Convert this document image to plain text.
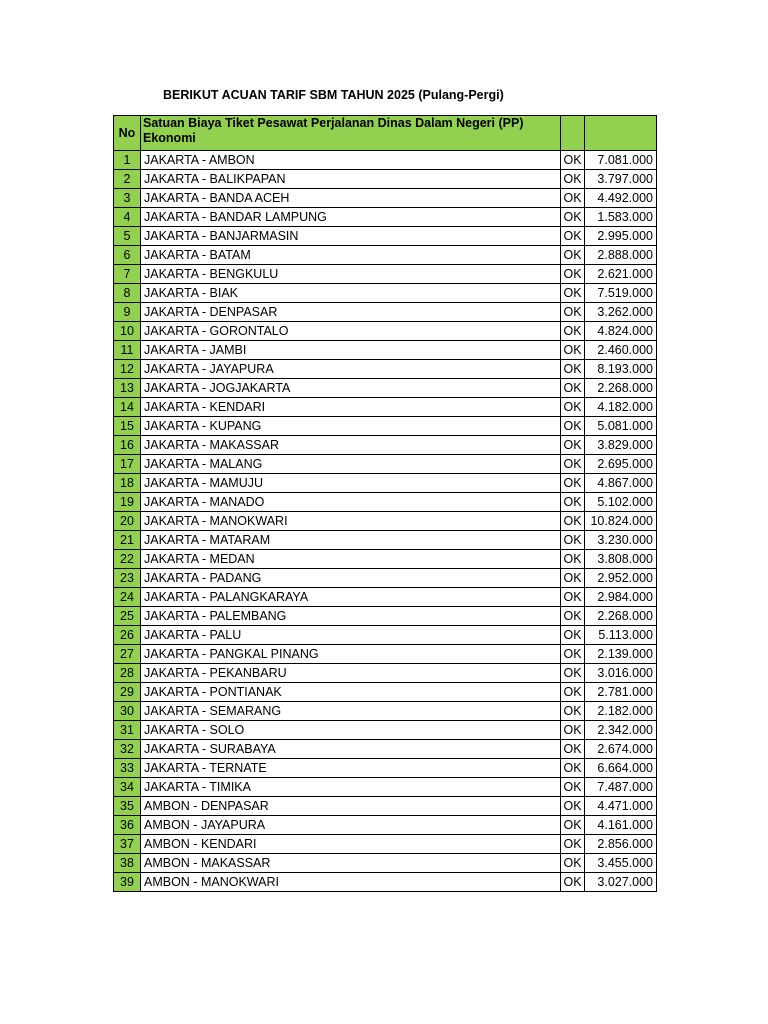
BERIKUT ACUAN TARIF SBM TAHUN 2025 (Pulang-Pergi)
No	Satuan Biaya Tiket Pesawat Perjalanan Dinas Dalam Negeri (PP) Ekonomi		
1	JAKARTA - AMBON	OK	7.081.000
2	JAKARTA - BALIKPAPAN	OK	3.797.000
3	JAKARTA - BANDA ACEH	OK	4.492.000
4	JAKARTA - BANDAR LAMPUNG	OK	1.583.000
5	JAKARTA - BANJARMASIN	OK	2.995.000
6	JAKARTA - BATAM	OK	2.888.000
7	JAKARTA - BENGKULU	OK	2.621.000
8	JAKARTA - BIAK	OK	7.519.000
9	JAKARTA - DENPASAR	OK	3.262.000
10	JAKARTA - GORONTALO	OK	4.824.000
11	JAKARTA - JAMBI	OK	2.460.000
12	JAKARTA - JAYAPURA	OK	8.193.000
13	JAKARTA - JOGJAKARTA	OK	2.268.000
14	JAKARTA - KENDARI	OK	4.182.000
15	JAKARTA - KUPANG	OK	5.081.000
16	JAKARTA - MAKASSAR	OK	3.829.000
17	JAKARTA - MALANG	OK	2.695.000
18	JAKARTA - MAMUJU	OK	4.867.000
19	JAKARTA - MANADO	OK	5.102.000
20	JAKARTA - MANOKWARI	OK	10.824.000
21	JAKARTA - MATARAM	OK	3.230.000
22	JAKARTA - MEDAN	OK	3.808.000
23	JAKARTA - PADANG	OK	2.952.000
24	JAKARTA - PALANGKARAYA	OK	2.984.000
25	JAKARTA - PALEMBANG	OK	2.268.000
26	JAKARTA - PALU	OK	5.113.000
27	JAKARTA - PANGKAL PINANG	OK	2.139.000
28	JAKARTA - PEKANBARU	OK	3.016.000
29	JAKARTA - PONTIANAK	OK	2.781.000
30	JAKARTA - SEMARANG	OK	2.182.000
31	JAKARTA - SOLO	OK	2.342.000
32	JAKARTA - SURABAYA	OK	2.674.000
33	JAKARTA - TERNATE	OK	6.664.000
34	JAKARTA - TIMIKA	OK	7.487.000
35	AMBON - DENPASAR	OK	4.471.000
36	AMBON - JAYAPURA	OK	4.161.000
37	AMBON - KENDARI	OK	2.856.000
38	AMBON - MAKASSAR	OK	3.455.000
39	AMBON - MANOKWARI	OK	3.027.000
